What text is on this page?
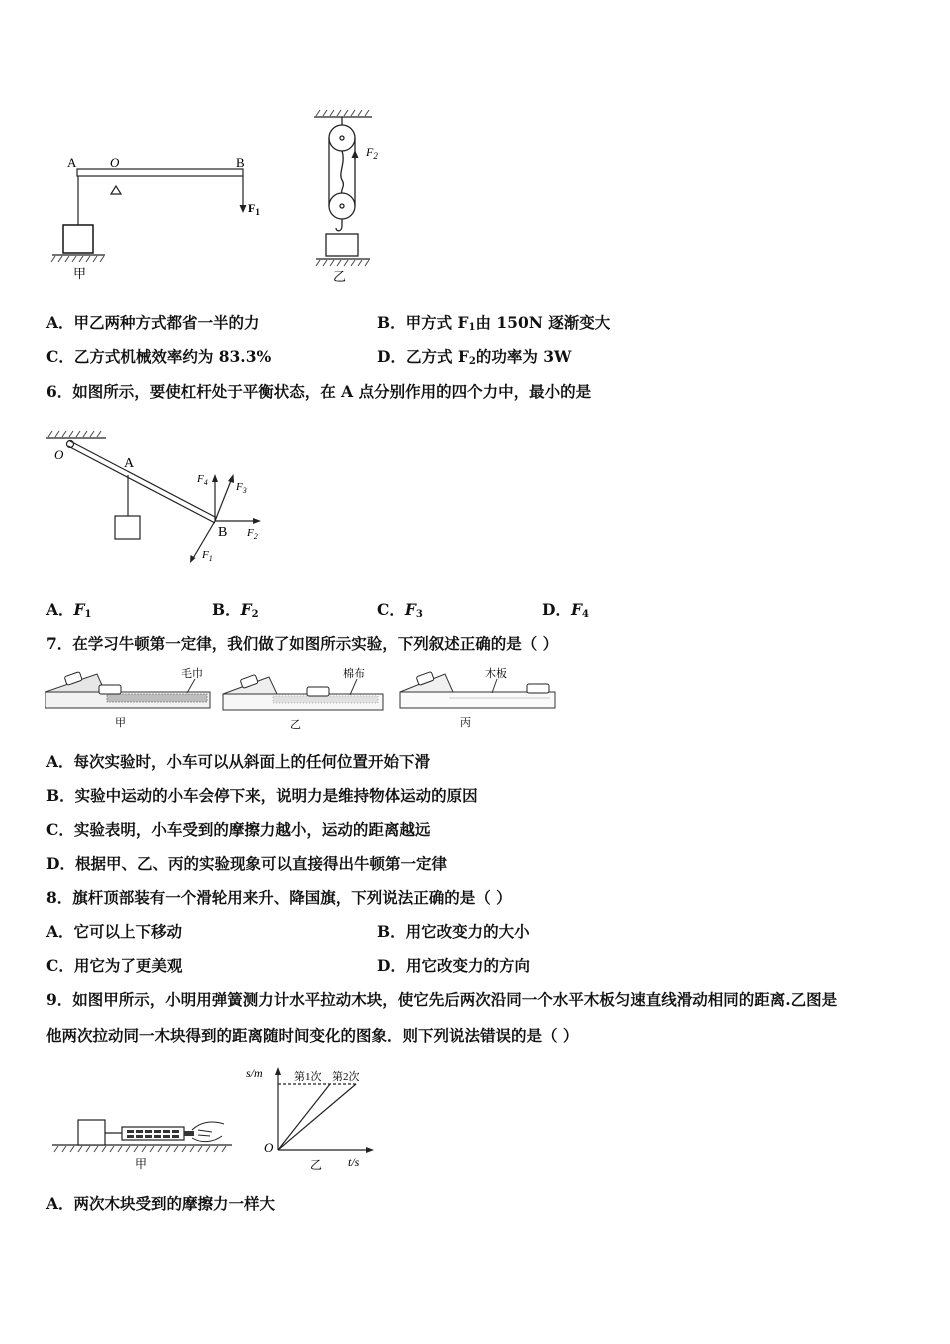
A	O	B
$F_1$
甲
$F_2$
乙
A．甲乙两种方式都省一半的力	B．甲方式 $F_1$由 150N 逐渐变大
C．乙方式机械效率约为 83.3%	D．乙方式 $F_2$的功率为 3W
6．如图所示，要使杠杆处于平衡状态，在 A 点分别作用的四个力中，最小的是
O
A
B
$F_4$	$F_3$
$F_2$
$F_1$
A．$F_1$	B．$F_2$	C．$F_3$	D．$F_4$
7．在学习牛顿第一定律，我们做了如图所示实验，下列叙述正确的是（ ）
毛巾
甲
棉布
乙
木板
丙
A．每次实验时，小车可以从斜面上的任何位置开始下滑
B．实验中运动的小车会停下来，说明力是维持物体运动的原因
C．实验表明，小车受到的摩擦力越小，运动的距离越远
D．根据甲、乙、丙的实验现象可以直接得出牛顿第一定律
8．旗杆顶部装有一个滑轮用来升、降国旗，下列说法正确的是（ ）
A．它可以上下移动	B．用它改变力的大小
C．用它为了更美观	D．用它改变力的方向
9．如图甲所示，小明用弹簧测力计水平拉动木块，使它先后两次沿同一个水平木板匀速直线滑动相同的距离.乙图是
他两次拉动同一木块得到的距离随时间变化的图象．则下列说法错误的是（ ）
甲
s/m
t/s
O
第1次 第2次
乙
A．两次木块受到的摩擦力一样大
